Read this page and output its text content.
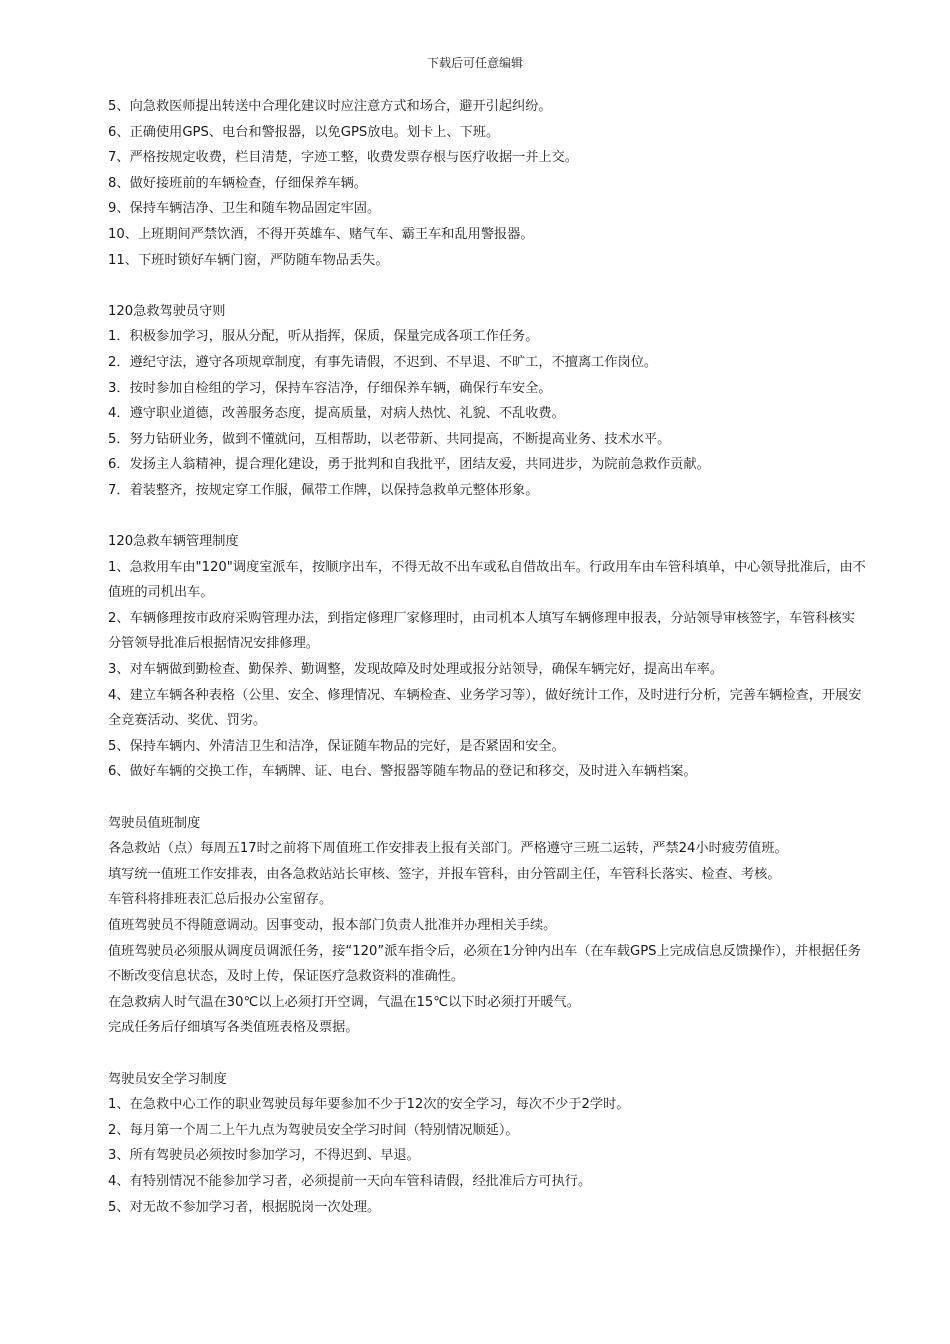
下载后可任意编辑
5、向急救医师提出转送中合理化建议时应注意方式和场合，避开引起纠纷。
6、正确使用GPS、电台和警报器，以免GPS放电。划卡上、下班。
7、严格按规定收费，栏目清楚，字迹工整，收费发票存根与医疗收据一并上交。
8、做好接班前的车辆检查，仔细保养车辆。
9、保持车辆洁净、卫生和随车物品固定牢固。
10、上班期间严禁饮酒，不得开英雄车、赌气车、霸王车和乱用警报器。
11、下班时锁好车辆门窗，严防随车物品丢失。
120急救驾驶员守则
1．积极参加学习，服从分配，听从指挥，保质，保量完成各项工作任务。
2．遵纪守法，遵守各项规章制度，有事先请假，不迟到、不早退、不旷工，不擅离工作岗位。
3．按时参加自检组的学习，保持车容洁净，仔细保养车辆，确保行车安全。
4．遵守职业道德，改善服务态度，提高质量，对病人热忱、礼貌、不乱收费。
5．努力钻研业务，做到不懂就问，互相帮助，以老带新、共同提高，不断提高业务、技术水平。
6．发扬主人翁精神，提合理化建设，勇于批判和自我批平，团结友爱，共同进步，为院前急救作贡献。
7．着装整齐，按规定穿工作服，佩带工作牌，以保持急救单元整体形象。
120急救车辆管理制度
1、急救用车由"120"调度室派车，按顺序出车，不得无故不出车或私自借故出车。行政用车由车管科填单，中心领导批准后，由不值班的司机出车。
2、车辆修理按市政府采购管理办法，到指定修理厂家修理时，由司机本人填写车辆修理申报表，分站领导审核签字，车管科核实分管领导批准后根据情况安排修理。
3、对车辆做到勤检查、勤保养、勤调整，发现故障及时处理或报分站领导，确保车辆完好，提高出车率。
4、建立车辆各种表格（公里、安全、修理情况、车辆检查、业务学习等），做好统计工作，及时进行分析，完善车辆检查，开展安全竞赛活动、奖优、罚劣。
5、保持车辆内、外清洁卫生和洁净，保证随车物品的完好，是否紧固和安全。
6、做好车辆的交换工作，车辆牌、证、电台、警报器等随车物品的登记和移交，及时进入车辆档案。
驾驶员值班制度
各急救站（点）每周五17时之前将下周值班工作安排表上报有关部门。严格遵守三班二运转，严禁24小时疲劳值班。
填写统一值班工作安排表，由各急救站站长审核、签字，并报车管科，由分管副主任，车管科长落实、检查、考核。
车管科将排班表汇总后报办公室留存。
值班驾驶员不得随意调动。因事变动，报本部门负责人批准并办理相关手续。
值班驾驶员必须服从调度员调派任务，接“120”派车指令后，必须在1分钟内出车（在车载GPS上完成信息反馈操作），并根据任务不断改变信息状态，及时上传，保证医疗急救资料的准确性。
在急救病人时气温在30℃以上必须打开空调，气温在15℃以下时必须打开暖气。
完成任务后仔细填写各类值班表格及票据。
驾驶员安全学习制度
1、在急救中心工作的职业驾驶员每年要参加不少于12次的安全学习，每次不少于2学时。
2、每月第一个周二上午九点为驾驶员安全学习时间（特别情况顺延）。
3、所有驾驶员必须按时参加学习，不得迟到、早退。
4、有特别情况不能参加学习者，必须提前一天向车管科请假，经批准后方可执行。
5、对无故不参加学习者，根据脱岗一次处理。
